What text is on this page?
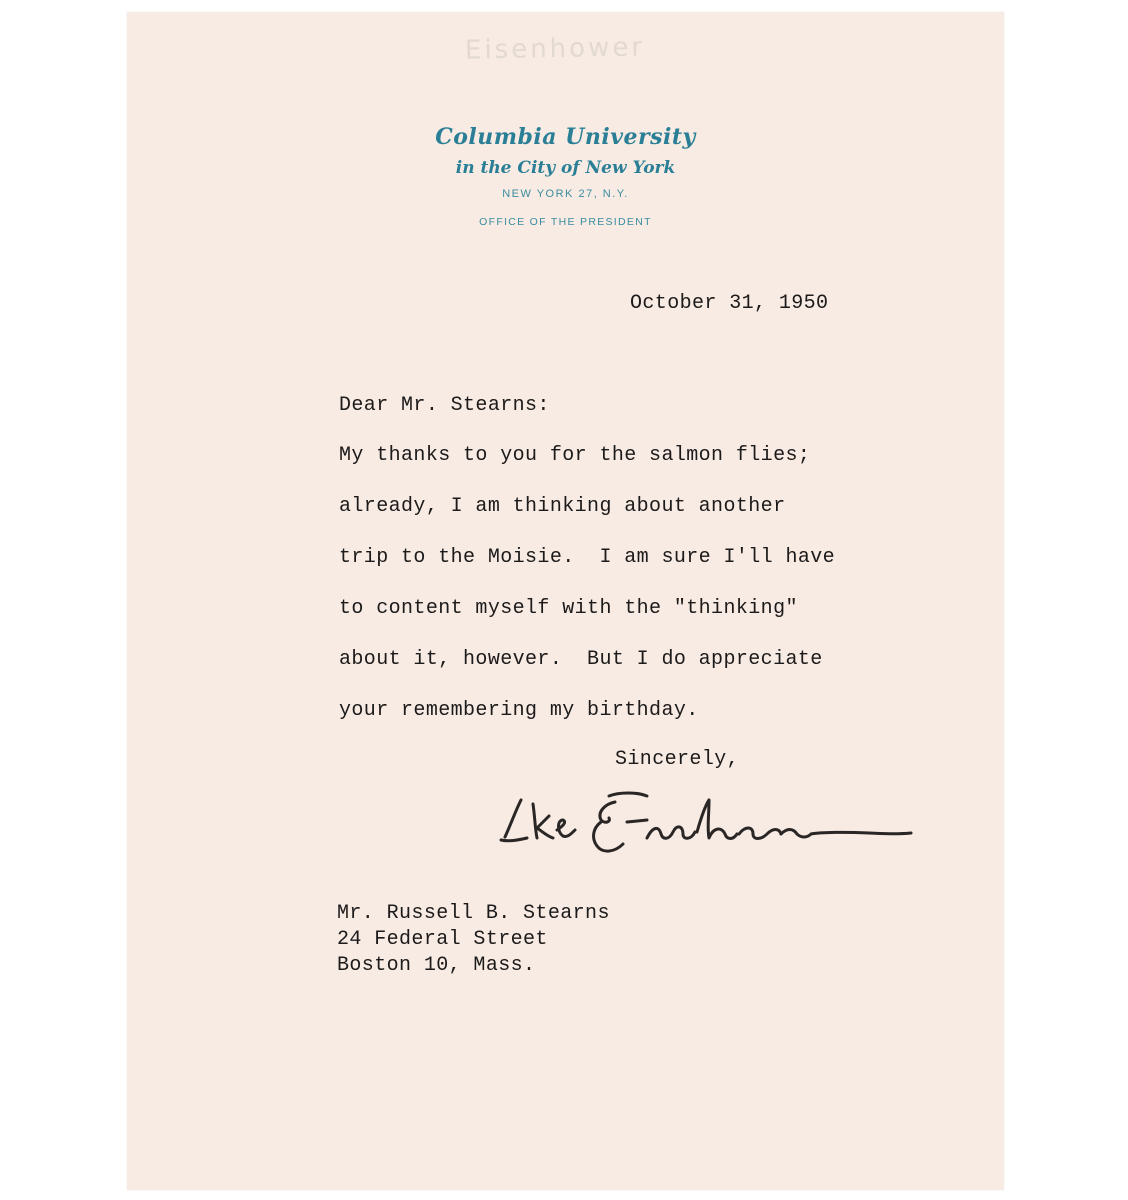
Eisenhower
Columbia University
in the City of New York
NEW YORK 27, N.Y.
OFFICE OF THE PRESIDENT
October 31, 1950
Dear Mr. Stearns:
My thanks to you for the salmon flies;
already, I am thinking about another
trip to the Moisie.  I am sure I'll have
to content myself with the "thinking"
about it, however.  But I do appreciate
your remembering my birthday.
Sincerely,
Mr. Russell B. Stearns
24 Federal Street
Boston 10, Mass.
